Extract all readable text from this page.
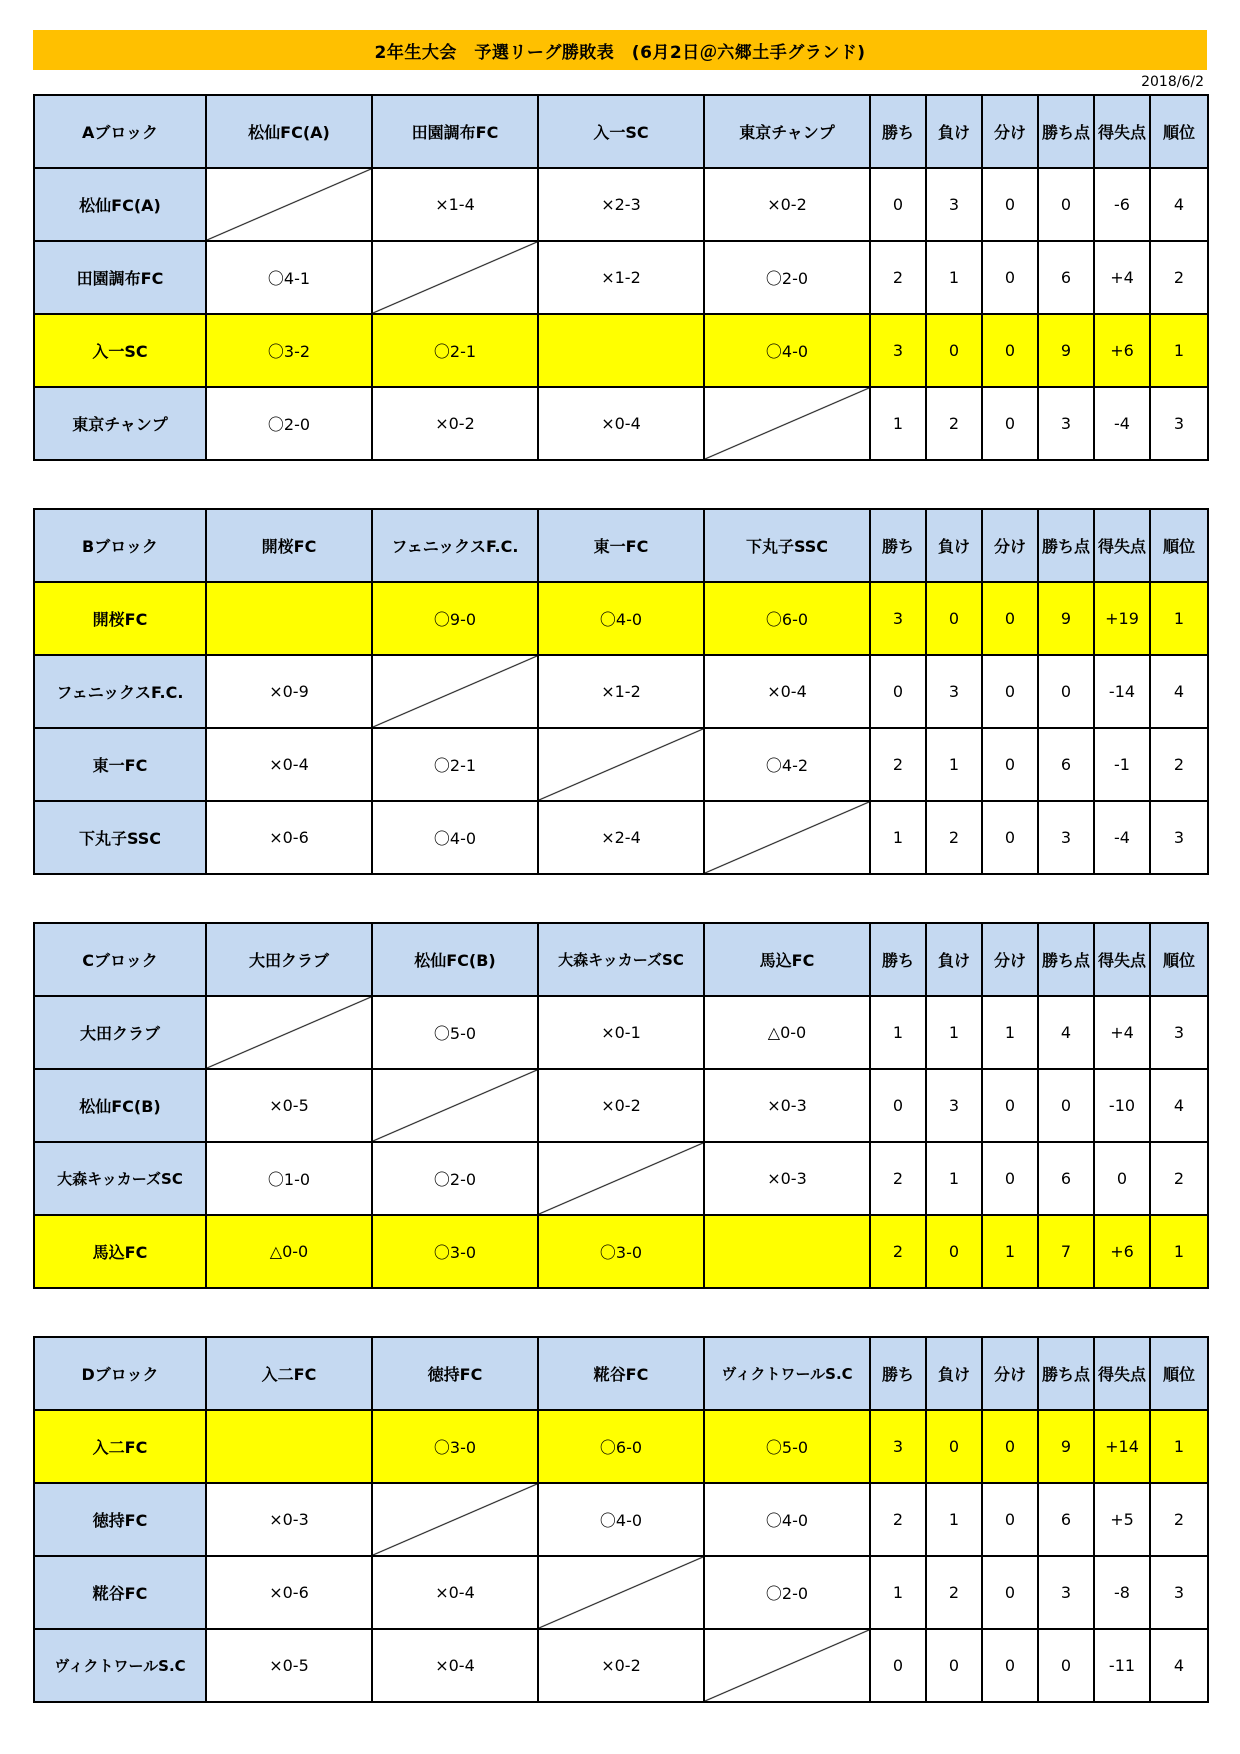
2年生大会　予選リーグ勝敗表　(6月2日＠六郷土手グランド)
2018/6/2
Aブロック	松仙FC(A)	田園調布FC	入一SC	東京チャンプ	勝ち	負け	分け	勝ち点	得失点	順位
松仙FC(A)		×1-4	×2-3	×0-2	0	3	0	0	-6	4
田園調布FC	〇4-1		×1-2	〇2-0	2	1	0	6	+4	2
入一SC	〇3-2	〇2-1		〇4-0	3	0	0	9	+6	1
東京チャンプ	〇2-0	×0-2	×0-4		1	2	0	3	-4	3
Bブロック	開桜FC	フェニックスF.C.	東一FC	下丸子SSC	勝ち	負け	分け	勝ち点	得失点	順位
開桜FC		〇9-0	〇4-0	〇6-0	3	0	0	9	+19	1
フェニックスF.C.	×0-9		×1-2	×0-4	0	3	0	0	-14	4
東一FC	×0-4	〇2-1		〇4-2	2	1	0	6	-1	2
下丸子SSC	×0-6	〇4-0	×2-4		1	2	0	3	-4	3
Cブロック	大田クラブ	松仙FC(B)	大森キッカーズSC	馬込FC	勝ち	負け	分け	勝ち点	得失点	順位
大田クラブ		〇5-0	×0-1	△0-0	1	1	1	4	+4	3
松仙FC(B)	×0-5		×0-2	×0-3	0	3	0	0	-10	4
大森キッカーズSC	〇1-0	〇2-0		×0-3	2	1	0	6	0	2
馬込FC	△0-0	〇3-0	〇3-0		2	0	1	7	+6	1
Dブロック	入二FC	徳持FC	糀谷FC	ヴィクトワールS.C	勝ち	負け	分け	勝ち点	得失点	順位
入二FC		〇3-0	〇6-0	〇5-0	3	0	0	9	+14	1
徳持FC	×0-3		〇4-0	〇4-0	2	1	0	6	+5	2
糀谷FC	×0-6	×0-4		〇2-0	1	2	0	3	-8	3
ヴィクトワールS.C	×0-5	×0-4	×0-2		0	0	0	0	-11	4
